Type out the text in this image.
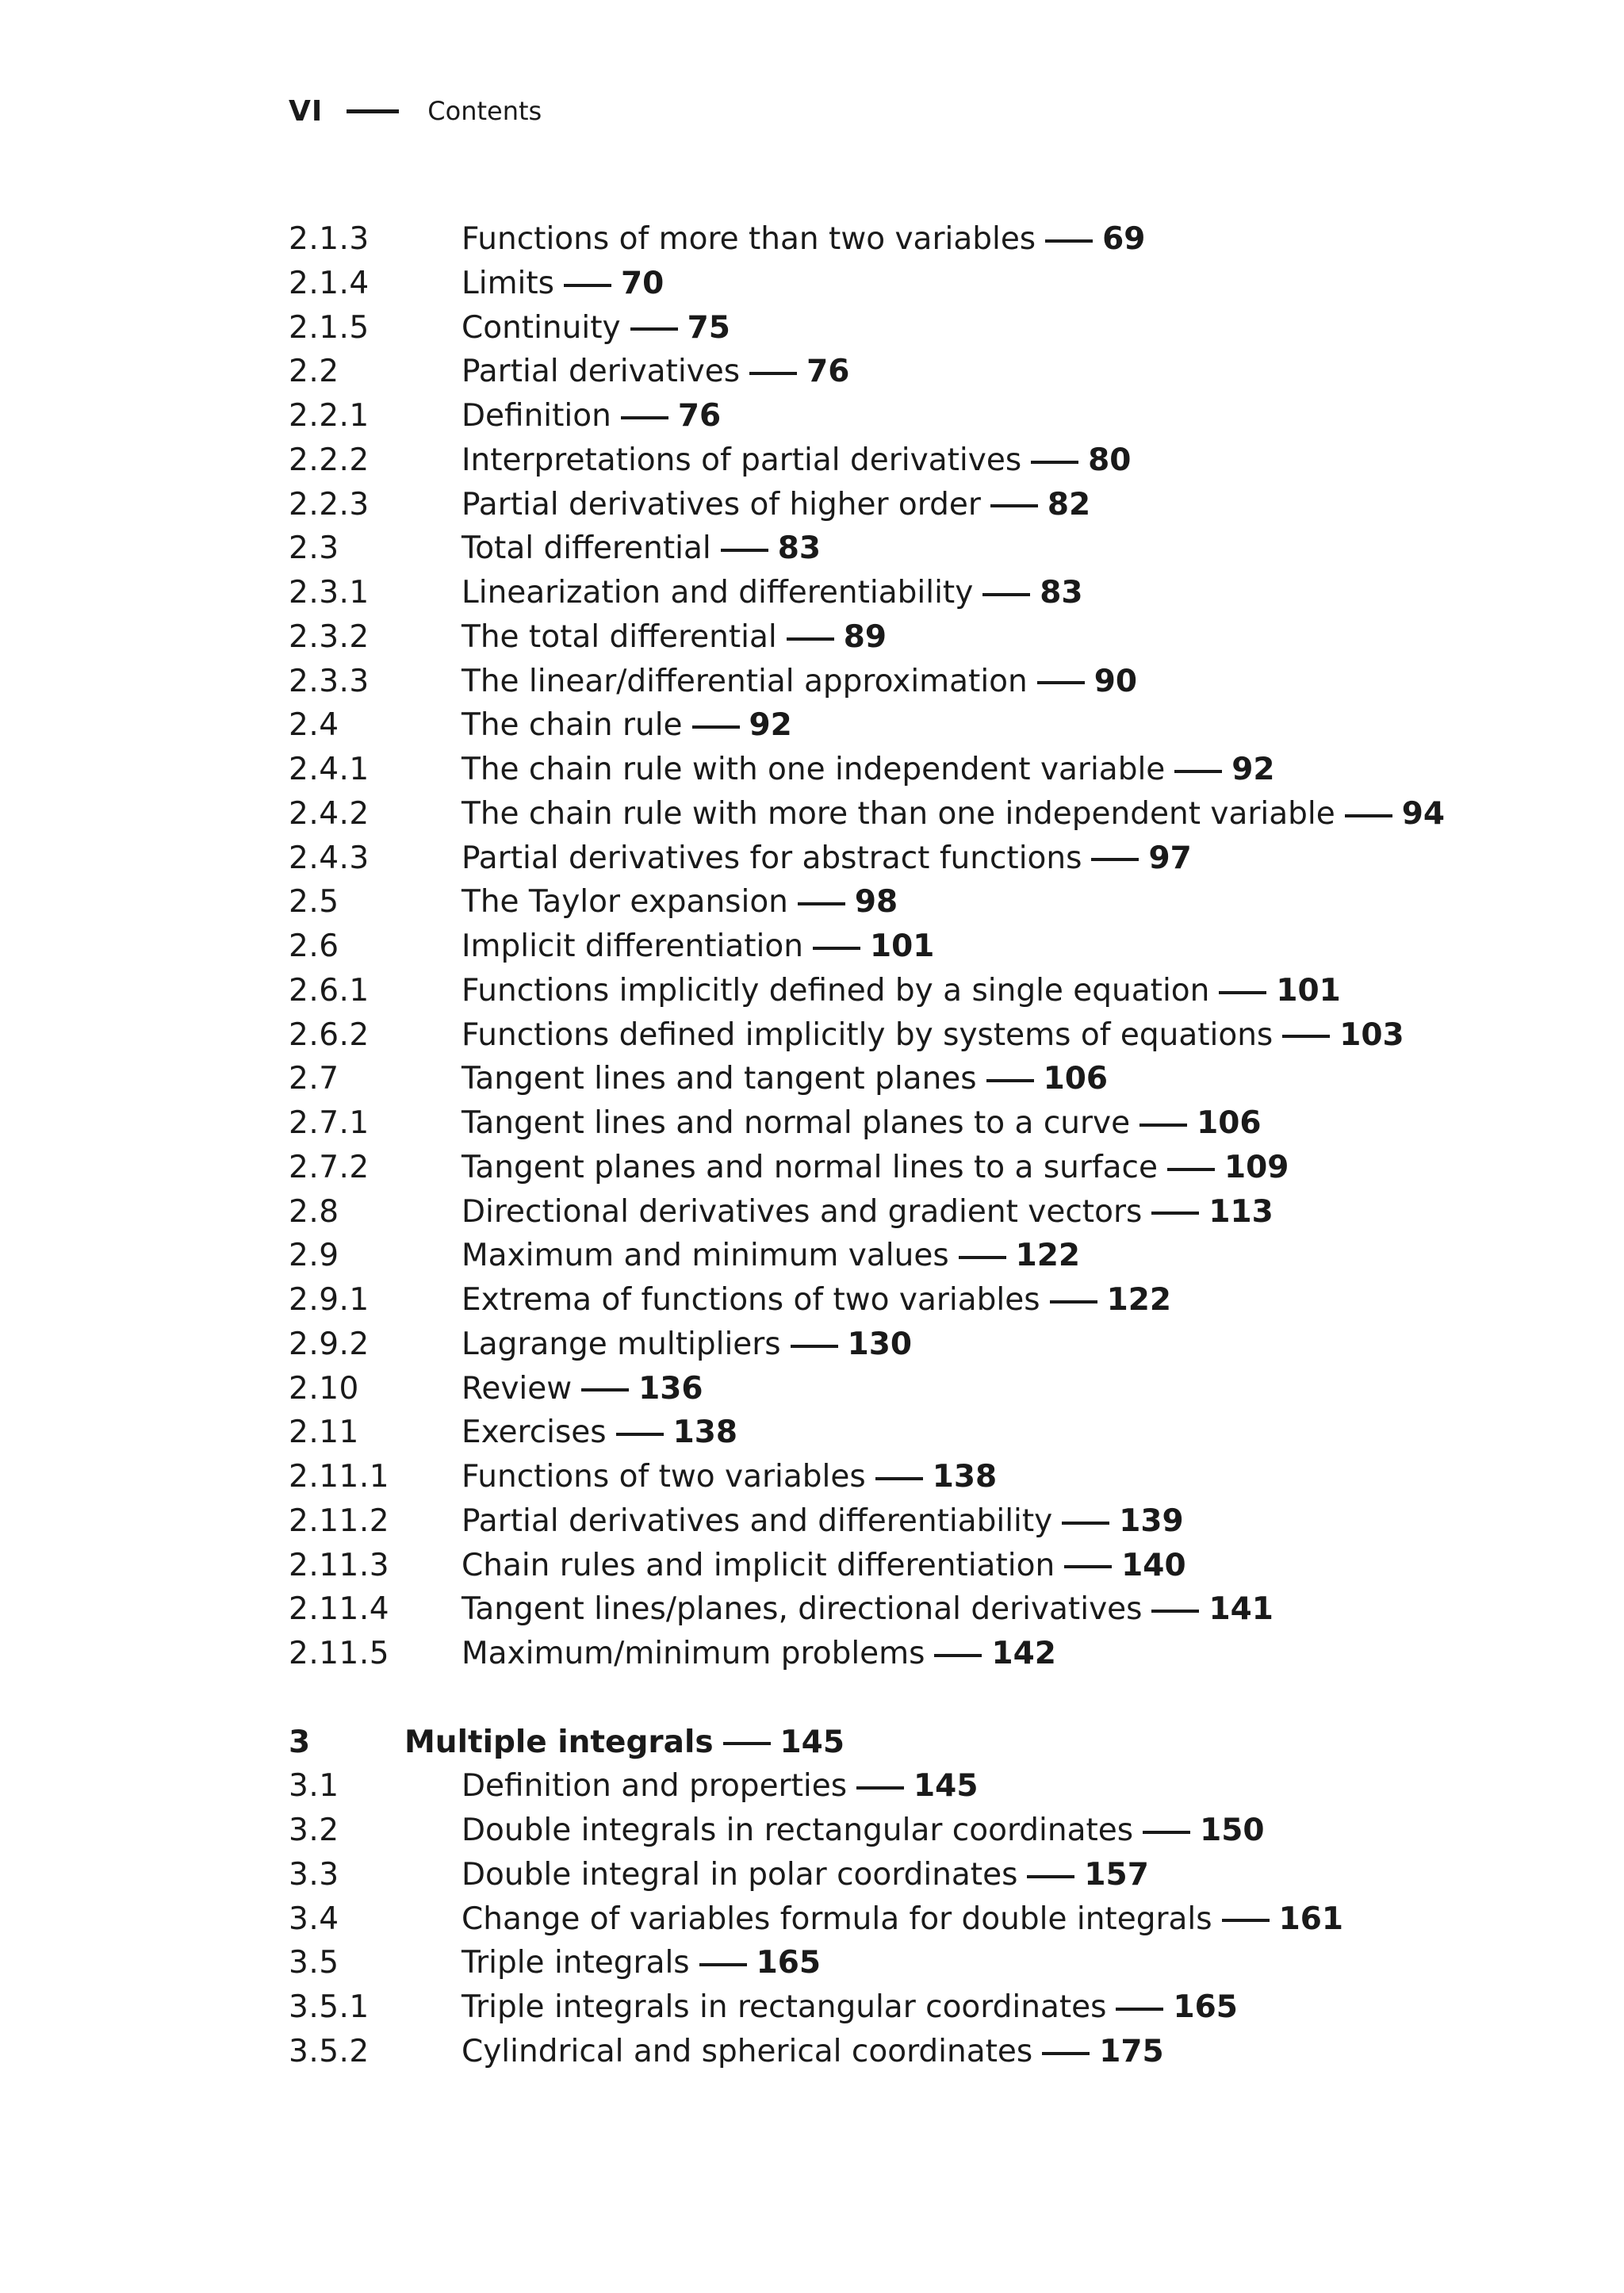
VI	Contents
2.1.3	Functions of more than two variables 69
2.1.4	Limits 70
2.1.5	Continuity 75
2.2	Partial derivatives 76
2.2.1	Definition 76
2.2.2	Interpretations of partial derivatives 80
2.2.3	Partial derivatives of higher order 82
2.3	Total differential 83
2.3.1	Linearization and differentiability 83
2.3.2	The total differential 89
2.3.3	The linear/differential approximation 90
2.4	The chain rule 92
2.4.1	The chain rule with one independent variable 92
2.4.2	The chain rule with more than one independent variable 94
2.4.3	Partial derivatives for abstract functions 97
2.5	The Taylor expansion 98
2.6	Implicit differentiation 101
2.6.1	Functions implicitly defined by a single equation 101
2.6.2	Functions defined implicitly by systems of equations 103
2.7	Tangent lines and tangent planes 106
2.7.1	Tangent lines and normal planes to a curve 106
2.7.2	Tangent planes and normal lines to a surface 109
2.8	Directional derivatives and gradient vectors 113
2.9	Maximum and minimum values 122
2.9.1	Extrema of functions of two variables 122
2.9.2	Lagrange multipliers 130
2.10	Review 136
2.11	Exercises 138
2.11.1 Functions of two variables 138
2.11.2 Partial derivatives and differentiability 139
2.11.3 Chain rules and implicit differentiation 140
2.11.4 Tangent lines/planes, directional derivatives 141
2.11.5 Maximum/minimum problems 142
3	Multiple integrals 145
3.1	Definition and properties 145
3.2	Double integrals in rectangular coordinates 150
3.3	Double integral in polar coordinates 157
3.4	Change of variables formula for double integrals 161
3.5	Triple integrals 165
3.5.1	Triple integrals in rectangular coordinates 165
3.5.2	Cylindrical and spherical coordinates 175
